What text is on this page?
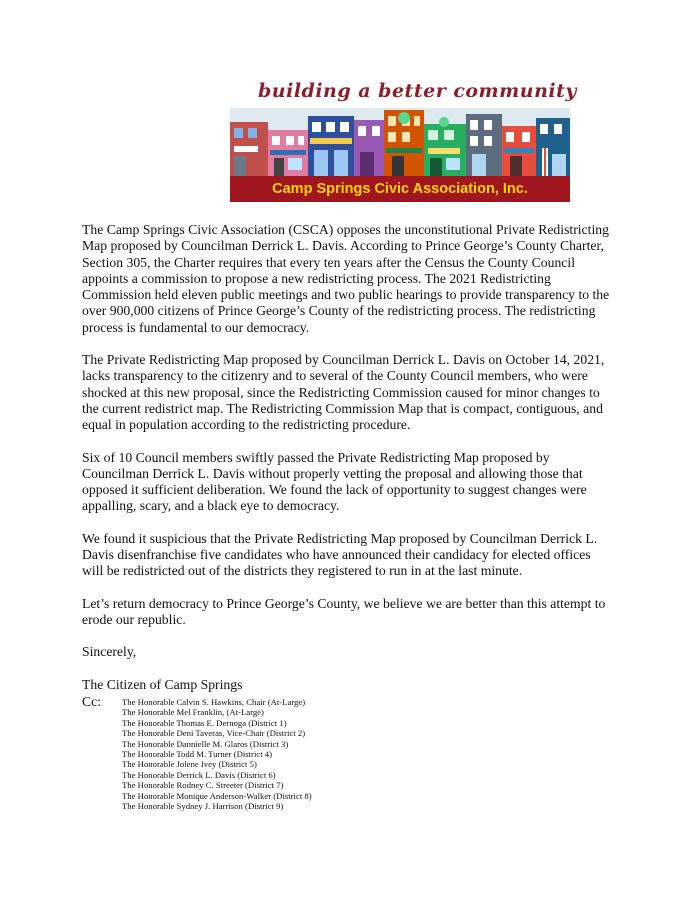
building a better community
Camp Springs Civic Association, Inc.

The Camp Springs Civic Association (CSCA) opposes the unconstitutional Private Redistricting Map proposed by Councilman Derrick L. Davis. According to Prince George’s County Charter, Section 305, the Charter requires that every ten years after the Census the County Council appoints a commission to propose a new redistricting process. The 2021 Redistricting Commission held eleven public meetings and two public hearings to provide transparency to the over 900,000 citizens of Prince George’s County of the redistricting process. The redistricting process is fundamental to our democracy.

The Private Redistricting Map proposed by Councilman Derrick L. Davis on October 14, 2021, lacks transparency to the citizenry and to several of the County Council members, who were shocked at this new proposal, since the Redistricting Commission caused for minor changes to the current redistrict map. The Redistricting Commission Map that is compact, contiguous, and equal in population according to the redistricting procedure.

Six of 10 Council members swiftly passed the Private Redistricting Map proposed by Councilman Derrick L. Davis without properly vetting the proposal and allowing those that opposed it sufficient deliberation. We found the lack of opportunity to suggest changes were appalling, scary, and a black eye to democracy.

We found it suspicious that the Private Redistricting Map proposed by Councilman Derrick L. Davis disenfranchise five candidates who have announced their candidacy for elected offices will be redistricted out of the districts they registered to run in at the last minute.

Let’s return democracy to Prince George’s County, we believe we are better than this attempt to erode our republic.

Sincerely,
The Citizen of Camp Springs
Cc: The Honorable Calvin S. Hawkins, Chair (At-Large)
The Honorable Mel Franklin, (At-Large)
The Honorable Thomas E. Dernoga (District 1)
The Honorable Deni Taveras, Vice-Chair (District 2)
The Honorable Dannielle M. Glaros (District 3)
The Honorable Todd M. Turner (District 4)
The Honorable Jolene Ivey (District 5)
The Honorable Derrick L. Davis (District 6)
The Honorable Rodney C. Streeter (District 7)
The Honorable Monique Anderson-Walker (District 8)
The Honorable Sydney J. Harrison (District 9)
